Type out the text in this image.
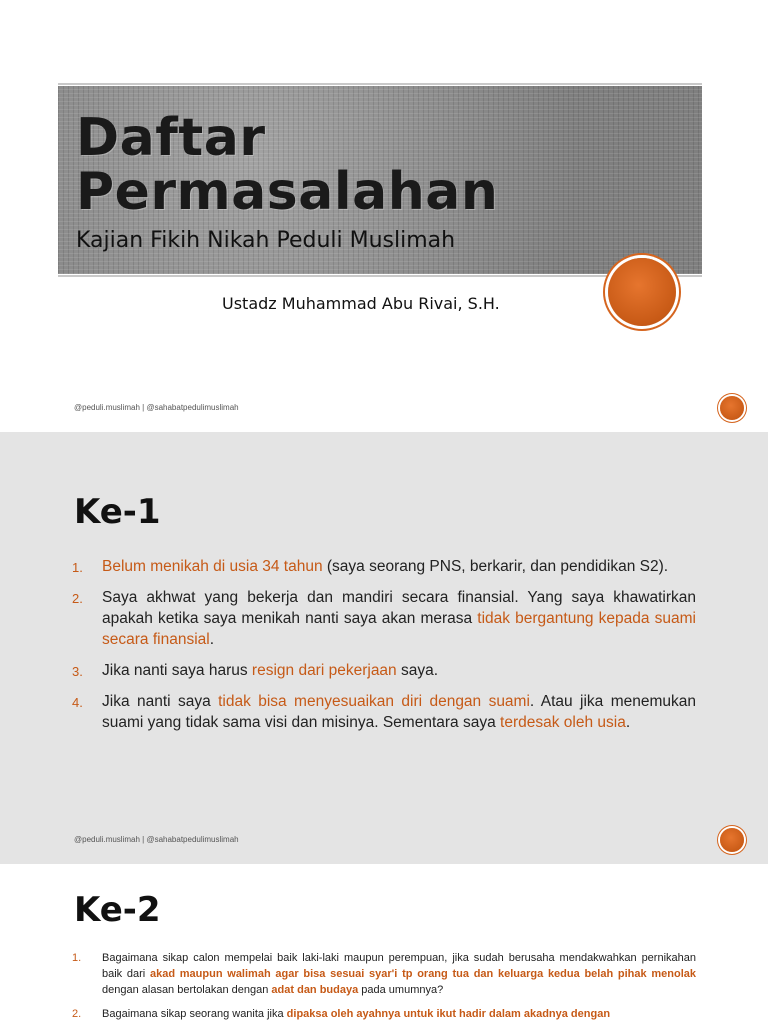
Daftar
Permasalahan
Kajian Fikih Nikah Peduli Muslimah
Ustadz Muhammad Abu Rivai, S.H.
@peduli.muslimah | @sahabatpedulimuslimah
Ke-1
1. Belum menikah di usia 34 tahun (saya seorang PNS, berkarir, dan pendidikan S2).
2. Saya akhwat yang bekerja dan mandiri secara finansial. Yang saya khawatirkan apakah ketika saya menikah nanti saya akan merasa tidak bergantung kepada suami secara finansial.
3. Jika nanti saya harus resign dari pekerjaan saya.
4. Jika nanti saya tidak bisa menyesuaikan diri dengan suami. Atau jika menemukan suami yang tidak sama visi dan misinya. Sementara saya terdesak oleh usia.
@peduli.muslimah | @sahabatpedulimuslimah
Ke-2
1. Bagaimana sikap calon mempelai baik laki-laki maupun perempuan, jika sudah berusaha mendakwahkan pernikahan baik dari akad maupun walimah agar bisa sesuai syar'i tp orang tua dan keluarga kedua belah pihak menolak dengan alasan bertolakan dengan adat dan budaya pada umumnya?
2. Bagaimana sikap seorang wanita jika dipaksa oleh ayahnya untuk ikut hadir dalam akadnya dengan
